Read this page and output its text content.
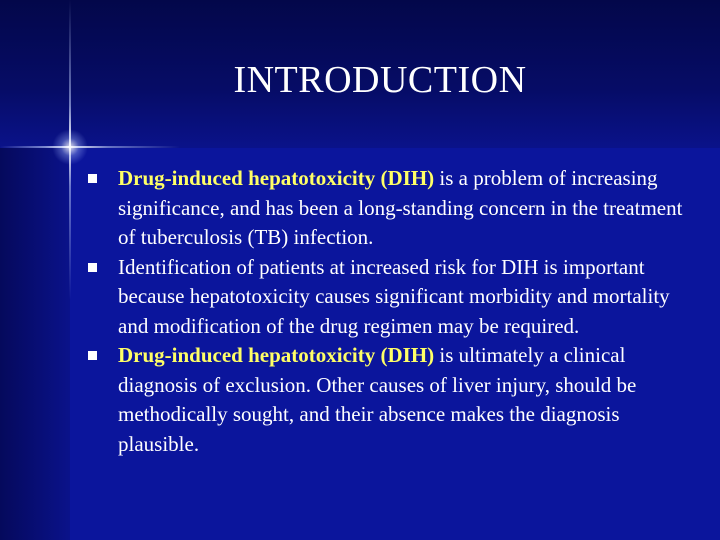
INTRODUCTION
Drug-induced hepatotoxicity (DIH) is a problem of increasing significance, and has been a long-standing concern in the treatment of tuberculosis (TB) infection.
Identification of patients at increased risk for DIH is important because hepatotoxicity causes significant morbidity and mortality and modification of the drug regimen may be required.
Drug-induced hepatotoxicity (DIH) is ultimately a clinical diagnosis of exclusion. Other causes of liver injury, should be methodically sought, and their absence makes the diagnosis plausible.
